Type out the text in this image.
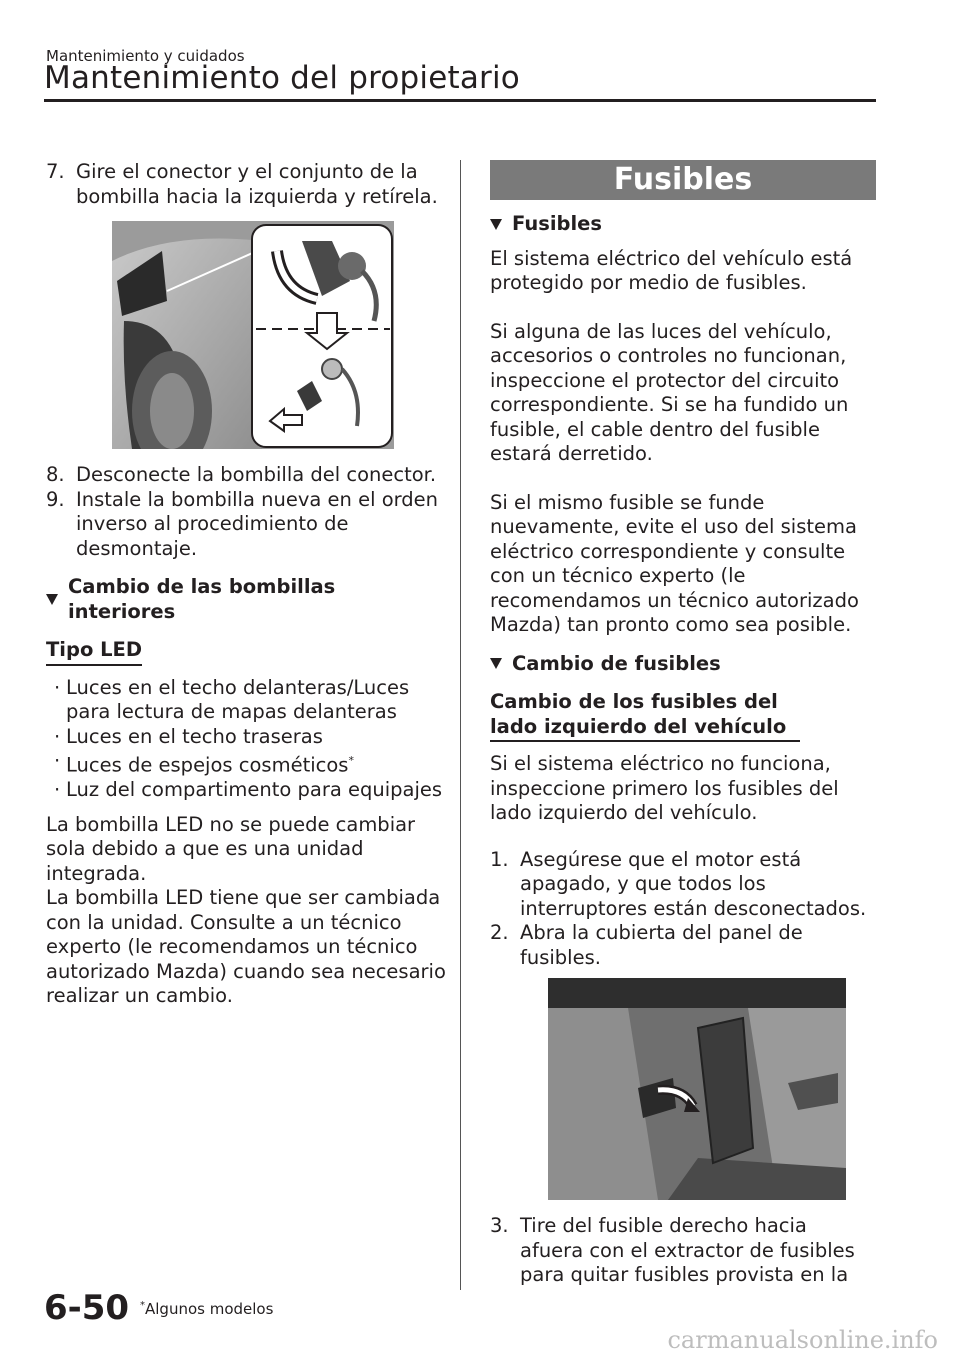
Mantenimiento y cuidados
Mantenimiento del propietario
7. Gire el conector y el conjunto de la bombilla hacia la izquierda y retírela.
8. Desconecte la bombilla del conector.
9. Instale la bombilla nueva en el orden inverso al procedimiento de desmontaje.
Cambio de las bombillas interiores
Tipo LED
· Luces en el techo delanteras/Luces para lectura de mapas delanteras
· Luces en el techo traseras
· Luces de espejos cosméticos*
· Luz del compartimento para equipajes

La bombilla LED no se puede cambiar sola debido a que es una unidad integrada.

La bombilla LED tiene que ser cambiada con la unidad. Consulte a un técnico experto (le recomendamos un técnico autorizado Mazda) cuando sea necesario realizar un cambio.

Fusibles
Fusibles

El sistema eléctrico del vehículo está protegido por medio de fusibles.

Si alguna de las luces del vehículo, accesorios o controles no funcionan, inspeccione el protector del circuito correspondiente. Si se ha fundido un fusible, el cable dentro del fusible estará derretido.

Si el mismo fusible se funde nuevamente, evite el uso del sistema eléctrico correspondiente y consulte con un técnico experto (le recomendamos un técnico autorizado Mazda) tan pronto como sea posible.

Cambio de fusibles
Cambio de los fusibles del lado izquierdo del vehículo

Si el sistema eléctrico no funciona, inspeccione primero los fusibles del lado izquierdo del vehículo.

1. Asegúrese que el motor está apagado, y que todos los interruptores están desconectados.
2. Abra la cubierta del panel de fusibles.
3. Tire del fusible derecho hacia afuera con el extractor de fusibles para quitar fusibles provista en la
6-50 *Algunos modelos
carmanualsonline.info
